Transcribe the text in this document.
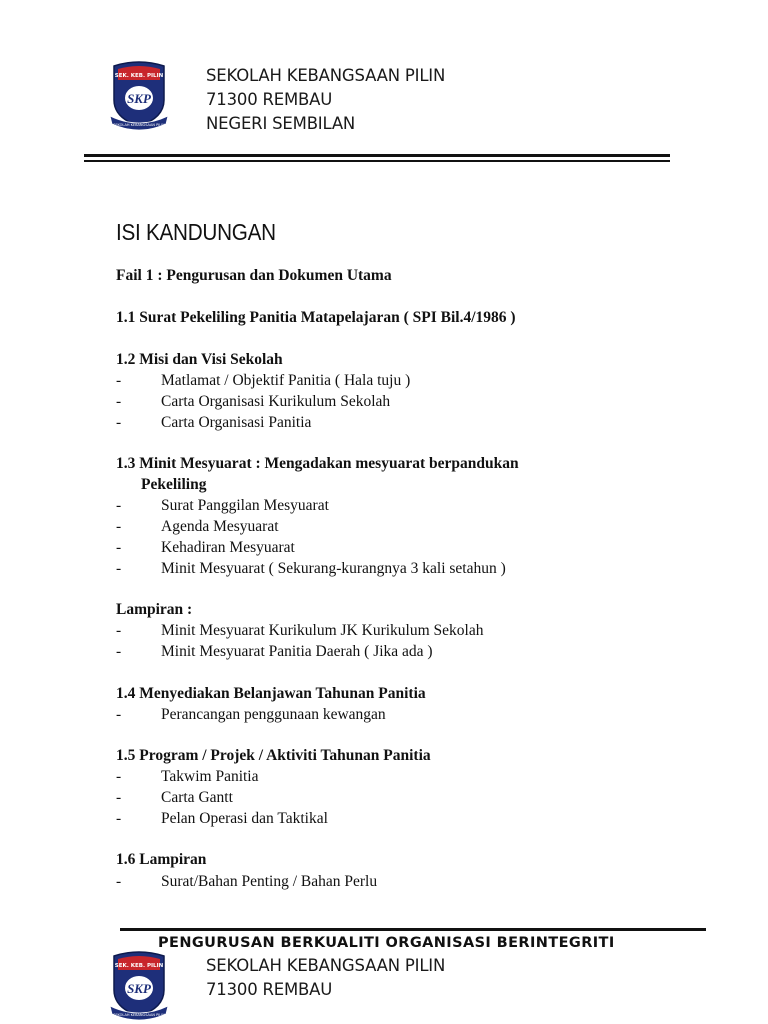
SEK. KEB. PILIN
SKP
SEKOLAH KEBANGSAAN PILIN
SEKOLAH KEBANGSAAN PILIN
71300 REMBAU
NEGERI SEMBILAN
ISI KANDUNGAN
Fail 1 : Pengurusan dan Dokumen Utama
1.1 Surat Pekeliling Panitia Matapelajaran ( SPI Bil.4/1986 )
1.2 Misi dan Visi Sekolah
-	Matlamat / Objektif Panitia ( Hala tuju )
-	Carta Organisasi Kurikulum Sekolah
-	Carta Organisasi Panitia
1.3 Minit Mesyuarat : Mengadakan mesyuarat berpandukan
Pekeliling
-	Surat Panggilan Mesyuarat
-	Agenda Mesyuarat
-	Kehadiran Mesyuarat
-	Minit Mesyuarat ( Sekurang-kurangnya 3 kali setahun )
Lampiran :
-	Minit Mesyuarat Kurikulum JK Kurikulum Sekolah
-	Minit Mesyuarat Panitia Daerah ( Jika ada )
1.4 Menyediakan Belanjawan Tahunan Panitia
-	Perancangan penggunaan kewangan
1.5 Program / Projek / Aktiviti Tahunan Panitia
-	Takwim Panitia
-	Carta Gantt
-	Pelan Operasi dan Taktikal
1.6 Lampiran
-	Surat/Bahan Penting / Bahan Perlu
PENGURUSAN BERKUALITI ORGANISASI BERINTEGRITI
SEK. KEB. PILIN
SKP
SEKOLAH KEBANGSAAN PILIN
SEKOLAH KEBANGSAAN PILIN
71300 REMBAU
